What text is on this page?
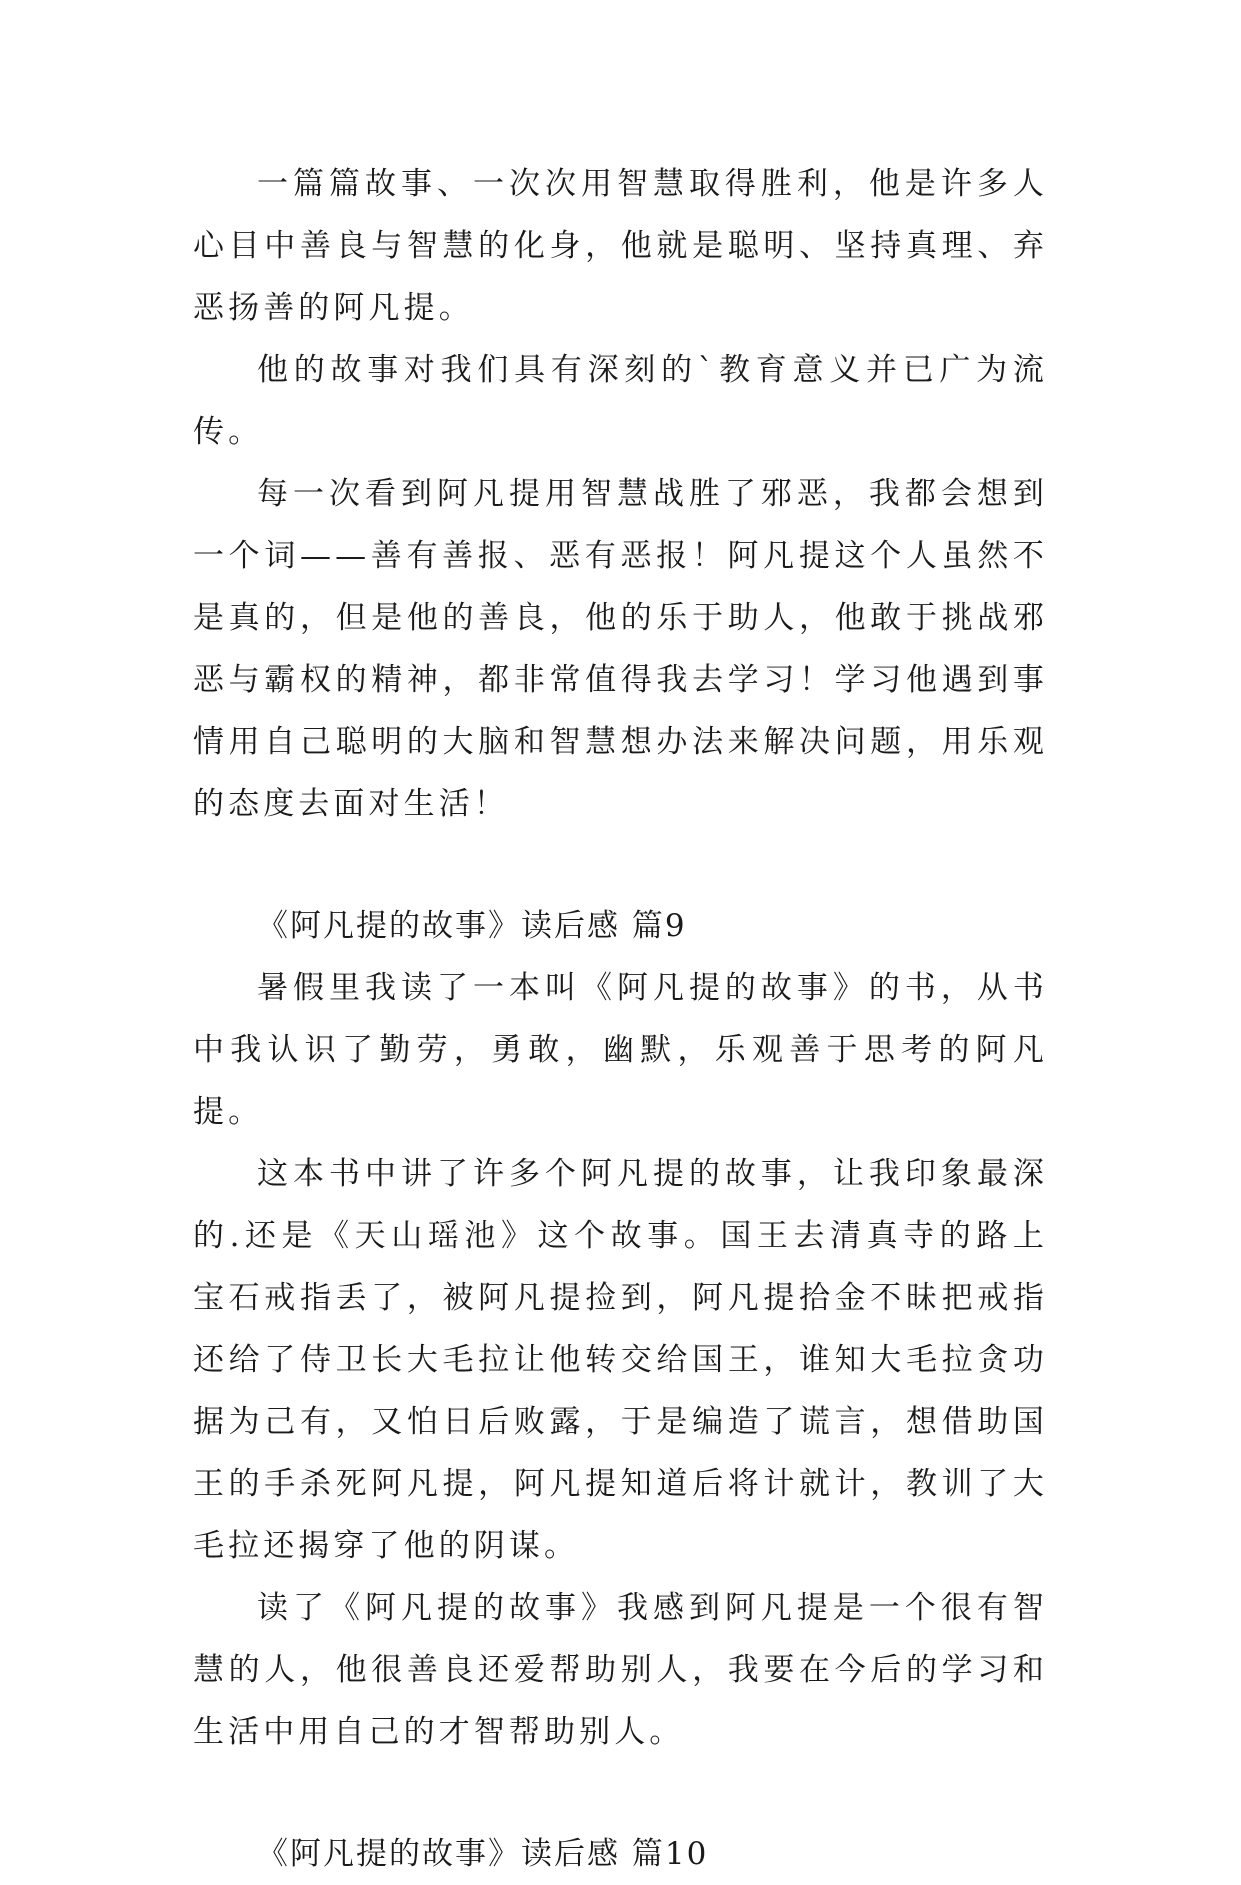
一篇篇故事、一次次用智慧取得胜利，他是许多人心目中善良与智慧的化身，他就是聪明、坚持真理、弃恶扬善的阿凡提。

他的故事对我们具有深刻的`教育意义并已广为流传。

每一次看到阿凡提用智慧战胜了邪恶，我都会想到一个词——善有善报、恶有恶报！阿凡提这个人虽然不是真的，但是他的善良，他的乐于助人，他敢于挑战邪恶与霸权的精神，都非常值得我去学习！学习他遇到事情用自己聪明的大脑和智慧想办法来解决问题，用乐观的态度去面对生活！

《阿凡提的故事》读后感 篇9

暑假里我读了一本叫《阿凡提的故事》的书，从书中我认识了勤劳，勇敢，幽默，乐观善于思考的阿凡提。

这本书中讲了许多个阿凡提的故事，让我印象最深的.还是《天山瑶池》这个故事。国王去清真寺的路上宝石戒指丢了，被阿凡提捡到，阿凡提拾金不昧把戒指还给了侍卫长大毛拉让他转交给国王，谁知大毛拉贪功据为己有，又怕日后败露，于是编造了谎言，想借助国王的手杀死阿凡提，阿凡提知道后将计就计，教训了大毛拉还揭穿了他的阴谋。

读了《阿凡提的故事》我感到阿凡提是一个很有智慧的人，他很善良还爱帮助别人，我要在今后的学习和生活中用自己的才智帮助别人。

《阿凡提的故事》读后感 篇10
